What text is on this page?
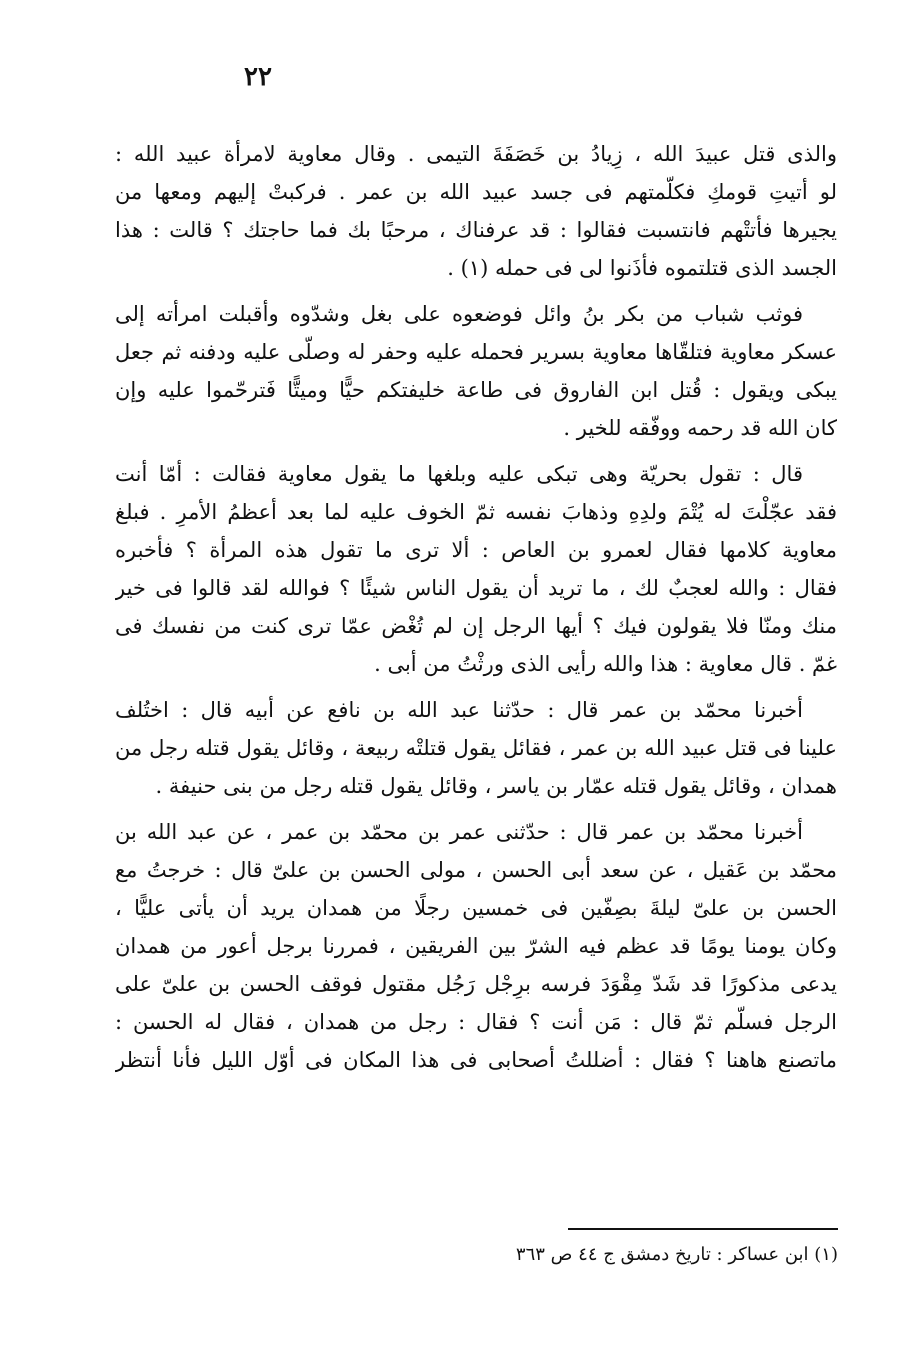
٢٢
والذى قتل عبيدَ الله ، زِيادُ بن خَصَفَةَ التيمى . وقال معاوية لامرأة عبيد الله :
لو أتيتِ قومكِ فكلّمتهم فى جسد عبيد الله بن عمر . فركبتْ إليهم ومعها من
يجيرها فأتتْهم فانتسبت فقالوا : قد عرفناك ، مرحبًا بك فما حاجتك ؟ قالت : هذا
الجسد الذى قتلتموه فأذَنوا لى فى حمله (١) .
فوثب شباب من بكر بنُ وائل فوضعوه على بغل وشدّوه وأقبلت امرأته إلى
عسكر معاوية فتلقّاها معاوية بسرير فحمله عليه وحفر له وصلّى عليه ودفنه ثم جعل
يبكى ويقول : قُتل ابن الفاروق فى طاعة خليفتكم حيًّا وميتًّا فَترحّموا عليه وإن
كان الله قد رحمه ووفّقه للخير .
قال : تقول بحريّة وهى تبكى عليه وبلغها ما يقول معاوية فقالت : أمّا أنت
فقد عجّلْتَ له يُتْمَ ولدِهِ وذهابَ نفسه ثمّ الخوف عليه لما بعد أعظمُ الأمرِ . فبلغ
معاوية كلامها فقال لعمرو بن العاص : ألا ترى ما تقول هذه المرأة ؟ فأخبره
فقال : والله لعجبٌ لك ، ما تريد أن يقول الناس شيئًا ؟ فوالله لقد قالوا فى خير
منك ومنّا فلا يقولون فيك ؟ أيها الرجل إن لم تُغْض عمّا ترى كنت من نفسك فى
غمّ . قال معاوية : هذا والله رأيى الذى ورثْتُ من أبى .
أخبرنا محمّد بن عمر قال : حدّثنا عبد الله بن نافع عن أبيه قال : اختُلف
علينا فى قتل عبيد الله بن عمر ، فقائل يقول قتلتْه ربيعة ، وقائل يقول قتله رجل من
همدان ، وقائل يقول قتله عمّار بن ياسر ، وقائل يقول قتله رجل من بنى حنيفة .
أخبرنا محمّد بن عمر قال : حدّثنى عمر بن محمّد بن عمر ، عن عبد الله بن
محمّد بن عَقيل ، عن سعد أبى الحسن ، مولى الحسن بن علىّ قال : خرجتُ مع
الحسن بن علىّ ليلةَ بصِفّين فى خمسين رجلًا من همدان يريد أن يأتى عليًّا ،
وكان يومنا يومًا قد عظم فيه الشرّ بين الفريقين ، فمررنا برجل أعور من همدان
يدعى مذكورًا قد شَدّ مِقْوَدَ فرسه برِجْل رَجُل مقتول فوقف الحسن بن علىّ على
الرجل فسلّم ثمّ قال : مَن أنت ؟ فقال : رجل من همدان ، فقال له الحسن :
ماتصنع هاهنا ؟ فقال : أضللتُ أصحابى فى هذا المكان فى أوّل الليل فأنا أنتظر
(١) ابن عساكر : تاريخ دمشق ج ٤٤ ص ٣٦٣
